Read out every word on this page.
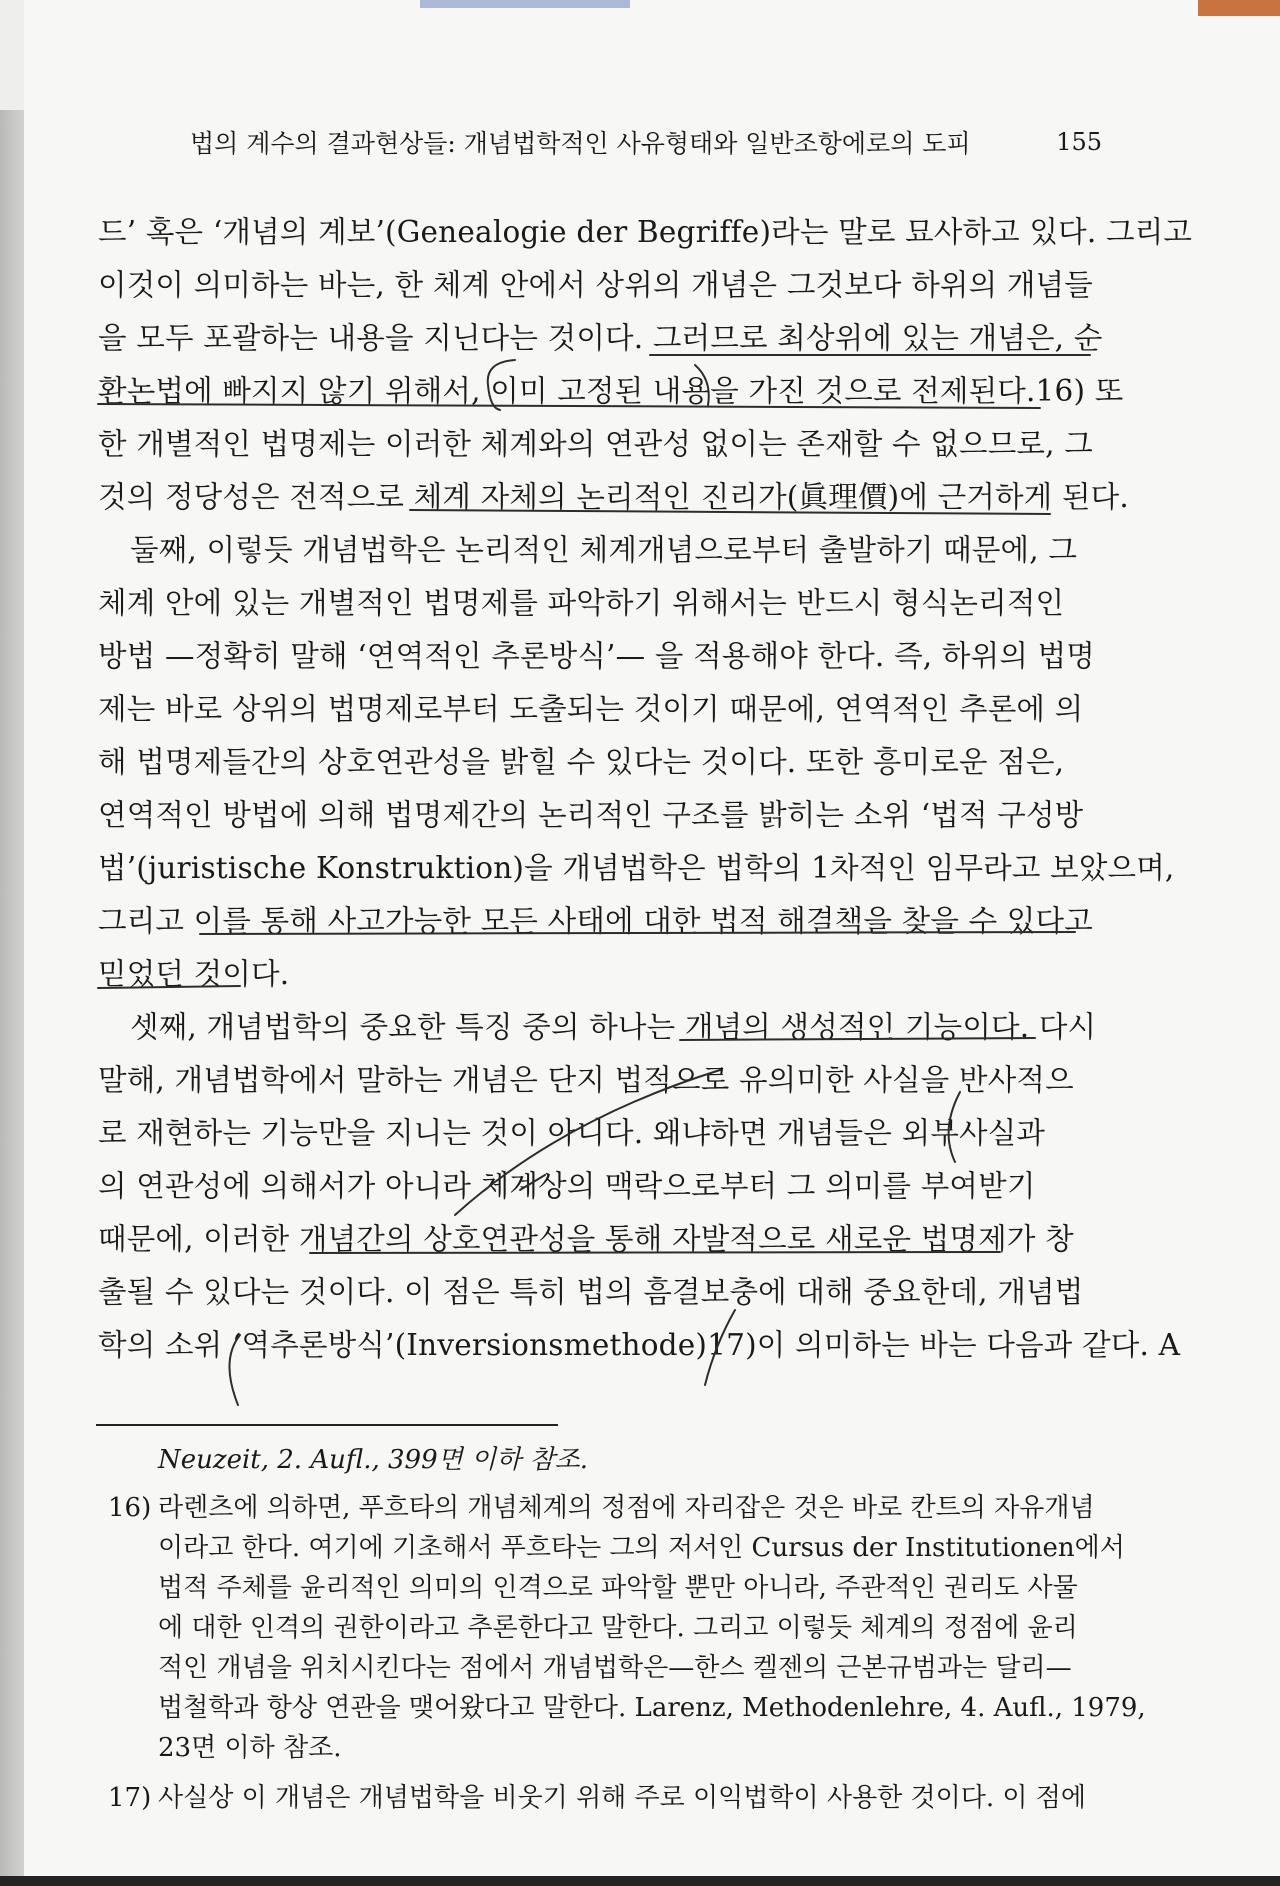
법의 계수의 결과현상들: 개념법학적인 사유형태와 일반조항에로의 도피	155
드’ 혹은 ‘개념의 계보’(Genealogie der Begriffe)라는 말로 묘사하고 있다. 그리고
이것이 의미하는 바는, 한 체계 안에서 상위의 개념은 그것보다 하위의 개념들
을 모두 포괄하는 내용을 지닌다는 것이다. 그러므로 최상위에 있는 개념은, 순
환논법에 빠지지 않기 위해서, 이미 고정된 내용을 가진 것으로 전제된다.16) 또
한 개별적인 법명제는 이러한 체계와의 연관성 없이는 존재할 수 없으므로, 그
것의 정당성은 전적으로 체계 자체의 논리적인 진리가(眞理價)에 근거하게 된다.
둘째, 이렇듯 개념법학은 논리적인 체계개념으로부터 출발하기 때문에, 그
체계 안에 있는 개별적인 법명제를 파악하기 위해서는 반드시 형식논리적인
방법 —정확히 말해 ‘연역적인 추론방식’— 을 적용해야 한다. 즉, 하위의 법명
제는 바로 상위의 법명제로부터 도출되는 것이기 때문에, 연역적인 추론에 의
해 법명제들간의 상호연관성을 밝힐 수 있다는 것이다. 또한 흥미로운 점은,
연역적인 방법에 의해 법명제간의 논리적인 구조를 밝히는 소위 ‘법적 구성방
법’(juristische Konstruktion)을 개념법학은 법학의 1차적인 임무라고 보았으며,
그리고 이를 통해 사고가능한 모든 사태에 대한 법적 해결책을 찾을 수 있다고
믿었던 것이다.
셋째, 개념법학의 중요한 특징 중의 하나는 개념의 생성적인 기능이다. 다시
말해, 개념법학에서 말하는 개념은 단지 법적으로 유의미한 사실을 반사적으
로 재현하는 기능만을 지니는 것이 아니다. 왜냐하면 개념들은 외부사실과
의 연관성에 의해서가 아니라 체계상의 맥락으로부터 그 의미를 부여받기
때문에, 이러한 개념간의 상호연관성을 통해 자발적으로 새로운 법명제가 창
출될 수 있다는 것이다. 이 점은 특히 법의 흠결보충에 대해 중요한데, 개념법
학의 소위 ‘역추론방식’(Inversionsmethode)17)이 의미하는 바는 다음과 같다. A
Neuzeit, 2. Aufl., 399면 이하 참조.
16) 라렌츠에 의하면, 푸흐타의 개념체계의 정점에 자리잡은 것은 바로 칸트의 자유개념
이라고 한다. 여기에 기초해서 푸흐타는 그의 저서인 Cursus der Institutionen에서
법적 주체를 윤리적인 의미의 인격으로 파악할 뿐만 아니라, 주관적인 권리도 사물
에 대한 인격의 권한이라고 추론한다고 말한다. 그리고 이렇듯 체계의 정점에 윤리
적인 개념을 위치시킨다는 점에서 개념법학은—한스 켈젠의 근본규범과는 달리—
법철학과 항상 연관을 맺어왔다고 말한다. Larenz, Methodenlehre, 4. Aufl., 1979,
23면 이하 참조.
17) 사실상 이 개념은 개념법학을 비웃기 위해 주로 이익법학이 사용한 것이다. 이 점에
